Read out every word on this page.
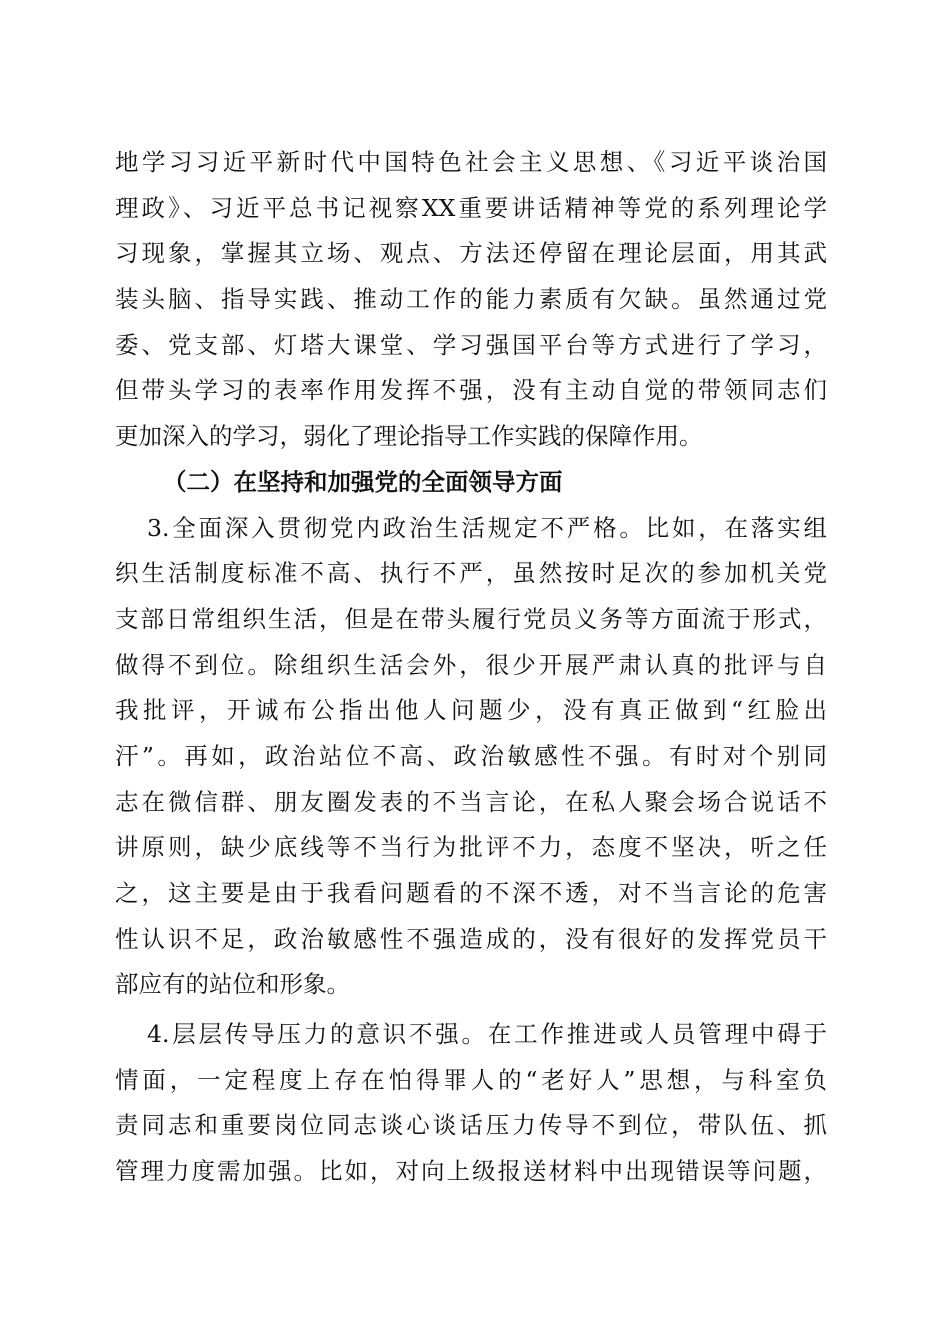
地学习习近平新时代中国特色社会主义思想、《习近平谈治国
理政》、习近平总书记视察XX重要讲话精神等党的系列理论学
习现象，掌握其立场、观点、方法还停留在理论层面，用其武
装头脑、指导实践、推动工作的能力素质有欠缺。虽然通过党
委、党支部、灯塔大课堂、学习强国平台等方式进行了学习，
但带头学习的表率作用发挥不强，没有主动自觉的带领同志们
更加深入的学习，弱化了理论指导工作实践的保障作用。
（二）在坚持和加强党的全面领导方面
3.全面深入贯彻党内政治生活规定不严格。比如，在落实组
织生活制度标准不高、执行不严，虽然按时足次的参加机关党
支部日常组织生活，但是在带头履行党员义务等方面流于形式，
做得不到位。除组织生活会外，很少开展严肃认真的批评与自
我批评，开诚布公指出他人问题少，没有真正做到“红脸出
汗”。再如，政治站位不高、政治敏感性不强。有时对个别同
志在微信群、朋友圈发表的不当言论，在私人聚会场合说话不
讲原则，缺少底线等不当行为批评不力，态度不坚决，听之任
之，这主要是由于我看问题看的不深不透，对不当言论的危害
性认识不足，政治敏感性不强造成的，没有很好的发挥党员干
部应有的站位和形象。
4.层层传导压力的意识不强。在工作推进或人员管理中碍于
情面，一定程度上存在怕得罪人的“老好人”思想，与科室负
责同志和重要岗位同志谈心谈话压力传导不到位，带队伍、抓
管理力度需加强。比如，对向上级报送材料中出现错误等问题，
